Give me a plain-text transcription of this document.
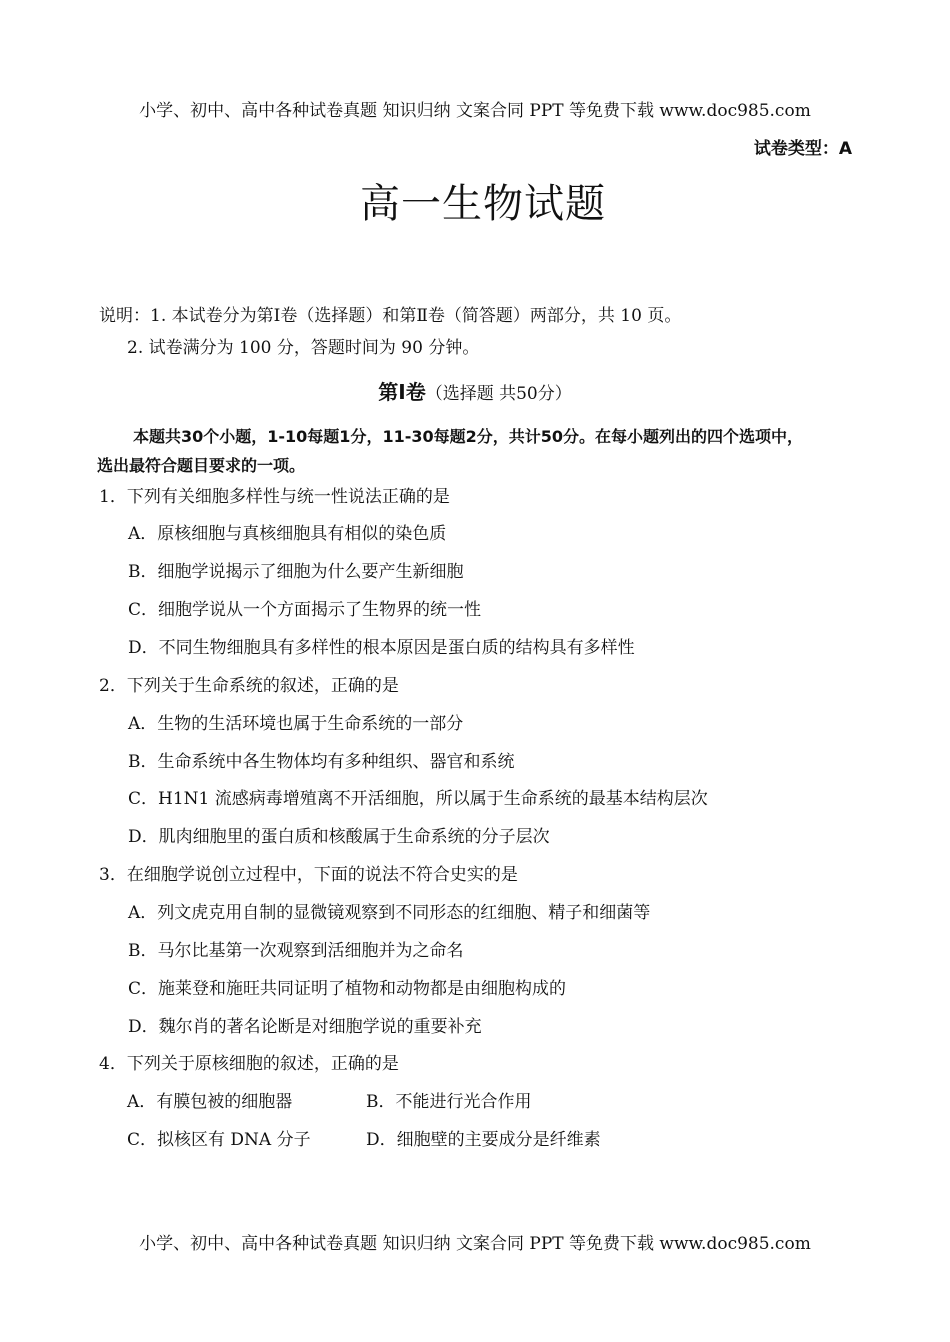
小学、初中、高中各种试卷真题 知识归纳 文案合同 PPT 等免费下载 www.doc985.com
试卷类型：A
高一生物试题
说明：1. 本试卷分为第Ⅰ卷（选择题）和第Ⅱ卷（简答题）两部分，共 10 页。
2. 试卷满分为 100 分，答题时间为 90 分钟。
第Ⅰ卷（选择题 共50分）
本题共30个小题，1-10每题1分，11-30每题2分，共计50分。在每小题列出的四个选项中，
选出最符合题目要求的一项。
1．下列有关细胞多样性与统一性说法正确的是
A．原核细胞与真核细胞具有相似的染色质
B．细胞学说揭示了细胞为什么要产生新细胞
C．细胞学说从一个方面揭示了生物界的统一性
D．不同生物细胞具有多样性的根本原因是蛋白质的结构具有多样性
2．下列关于生命系统的叙述，正确的是
A．生物的生活环境也属于生命系统的一部分
B．生命系统中各生物体均有多种组织、器官和系统
C．H1N1 流感病毒增殖离不开活细胞，所以属于生命系统的最基本结构层次
D．肌肉细胞里的蛋白质和核酸属于生命系统的分子层次
3．在细胞学说创立过程中，下面的说法不符合史实的是
A．列文虎克用自制的显微镜观察到不同形态的红细胞、精子和细菌等
B．马尔比基第一次观察到活细胞并为之命名
C．施莱登和施旺共同证明了植物和动物都是由细胞构成的
D．魏尔肖的著名论断是对细胞学说的重要补充
4．下列关于原核细胞的叙述，正确的是
A．有膜包被的细胞器	B．不能进行光合作用
C．拟核区有 DNA 分子	D．细胞壁的主要成分是纤维素
小学、初中、高中各种试卷真题 知识归纳 文案合同 PPT 等免费下载 www.doc985.com
